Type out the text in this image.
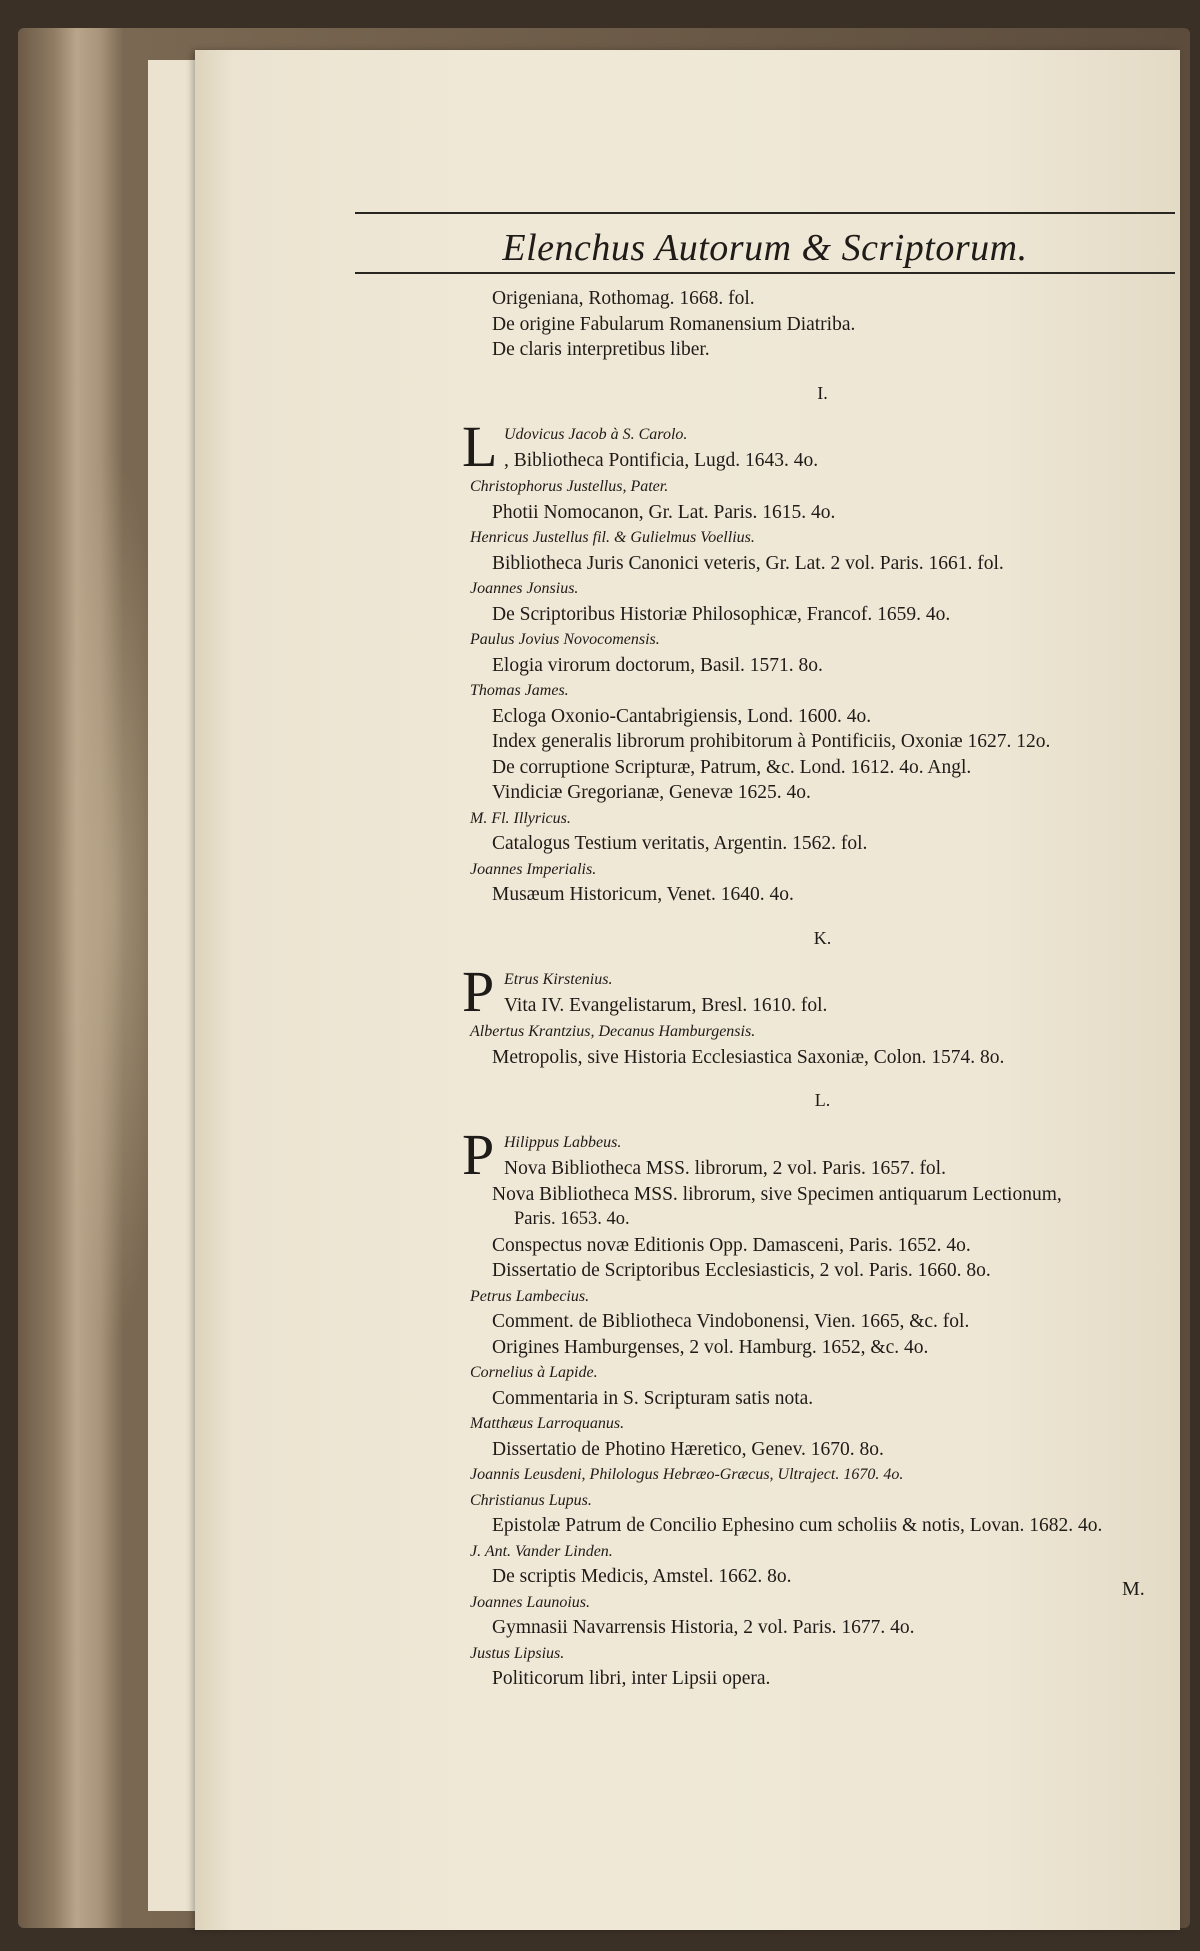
Elenchus Autorum & Scriptorum.
Origeniana, Rothomag. 1668. fol.
De origine Fabularum Romanensium Diatriba.
De claris interpretibus liber.
I.
L Udovicus Jacob à S. Carolo.
, Bibliotheca Pontificia, Lugd. 1643. 4o.
Christophorus Justellus, Pater.
Photii Nomocanon, Gr. Lat. Paris. 1615. 4o.
Henricus Justellus fil. & Gulielmus Voellius.
Bibliotheca Juris Canonici veteris, Gr. Lat. 2 vol. Paris. 1661. fol.
Joannes Jonsius.
De Scriptoribus Historiæ Philosophicæ, Francof. 1659. 4o.
Paulus Jovius Novocomensis.
Elogia virorum doctorum, Basil. 1571. 8o.
Thomas James.
Ecloga Oxonio-Cantabrigiensis, Lond. 1600. 4o.
Index generalis librorum prohibitorum à Pontificiis, Oxoniæ 1627. 12o.
De corruptione Scripturæ, Patrum, &c. Lond. 1612. 4o. Angl.
Vindiciæ Gregorianæ, Genevæ 1625. 4o.
M. Fl. Illyricus.
Catalogus Testium veritatis, Argentin. 1562. fol.
Joannes Imperialis.
Musæum Historicum, Venet. 1640. 4o.
K.
P Etrus Kirstenius.
Vita IV. Evangelistarum, Bresl. 1610. fol.
Albertus Krantzius, Decanus Hamburgensis.
Metropolis, sive Historia Ecclesiastica Saxoniæ, Colon. 1574. 8o.
L.
P Hilippus Labbeus.
Nova Bibliotheca MSS. librorum, 2 vol. Paris. 1657. fol.
Nova Bibliotheca MSS. librorum, sive Specimen antiquarum Lectionum,
Paris. 1653. 4o.
Conspectus novæ Editionis Opp. Damasceni, Paris. 1652. 4o.
Dissertatio de Scriptoribus Ecclesiasticis, 2 vol. Paris. 1660. 8o.
Petrus Lambecius.
Comment. de Bibliotheca Vindobonensi, Vien. 1665, &c. fol.
Origines Hamburgenses, 2 vol. Hamburg. 1652, &c. 4o.
Cornelius à Lapide.
Commentaria in S. Scripturam satis nota.
Matthæus Larroquanus.
Dissertatio de Photino Hæretico, Genev. 1670. 8o.
Joannis Leusdeni, Philologus Hebræo-Græcus, Ultraject. 1670. 4o.
Christianus Lupus.
Epistolæ Patrum de Concilio Ephesino cum scholiis & notis, Lovan. 1682. 4o.
J. Ant. Vander Linden.
De scriptis Medicis, Amstel. 1662. 8o.
Joannes Launoius.
Gymnasii Navarrensis Historia, 2 vol. Paris. 1677. 4o.
Justus Lipsius.
Politicorum libri, inter Lipsii opera.
M.
